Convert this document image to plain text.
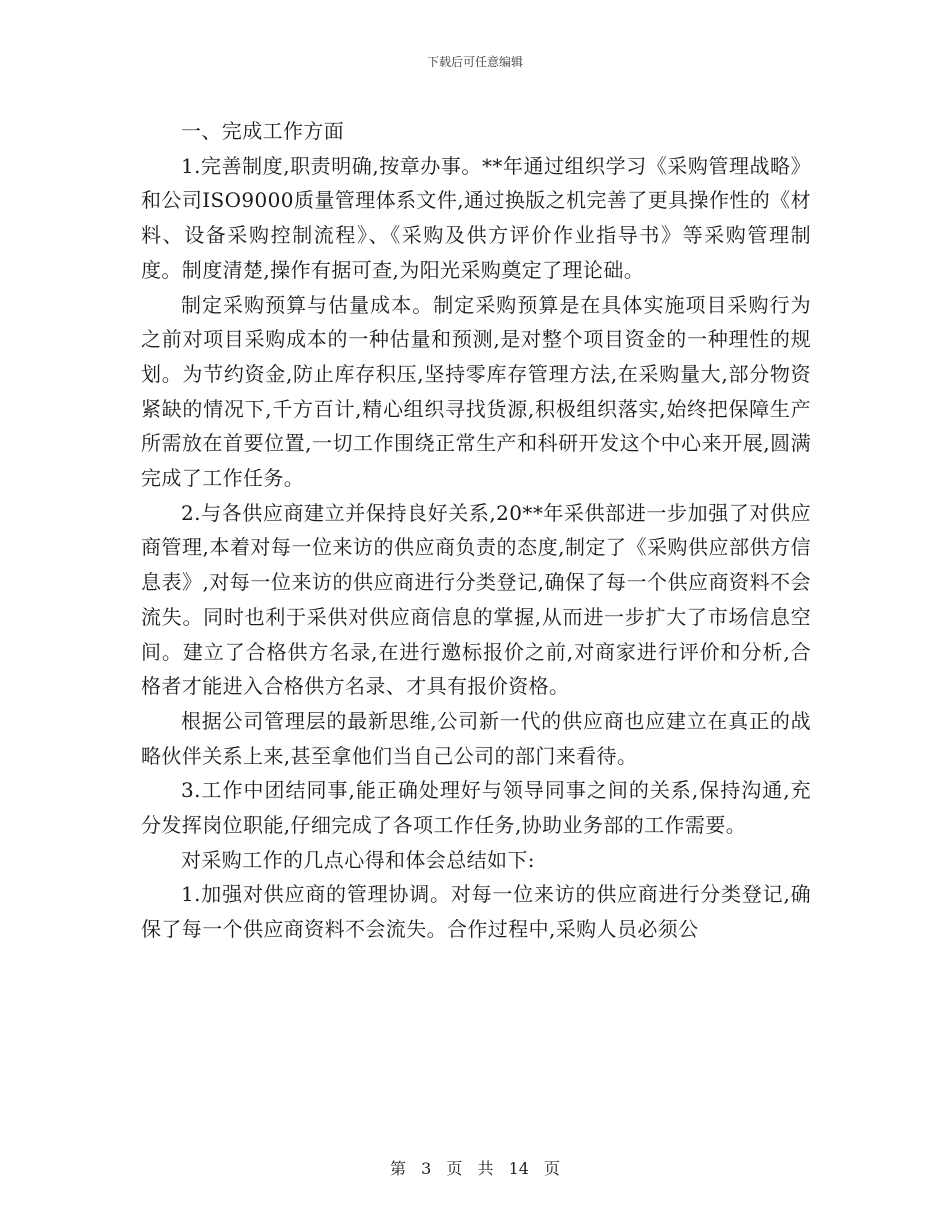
下载后可任意编辑

一、完成工作方面

1.完善制度,职责明确,按章办事。**年通过组织学习《采购管理战略》和公司ISO9000质量管理体系文件,通过换版之机完善了更具操作性的《材料、设备采购控制流程》、《采购及供方评价作业指导书》等采购管理制度。制度清楚,操作有据可查,为阳光采购奠定了理论础。

制定采购预算与估量成本。制定采购预算是在具体实施项目采购行为之前对项目采购成本的一种估量和预测,是对整个项目资金的一种理性的规划。为节约资金,防止库存积压,坚持零库存管理方法,在采购量大,部分物资紧缺的情况下,千方百计,精心组织寻找货源,积极组织落实,始终把保障生产所需放在首要位置,一切工作围绕正常生产和科研开发这个中心来开展,圆满完成了工作任务。

2.与各供应商建立并保持良好关系,20**年采供部进一步加强了对供应商管理,本着对每一位来访的供应商负责的态度,制定了《采购供应部供方信息表》,对每一位来访的供应商进行分类登记,确保了每一个供应商资料不会流失。同时也利于采供对供应商信息的掌握,从而进一步扩大了市场信息空间。建立了合格供方名录,在进行邀标报价之前,对商家进行评价和分析,合格者才能进入合格供方名录、才具有报价资格。

根据公司管理层的最新思维,公司新一代的供应商也应建立在真正的战略伙伴关系上来,甚至拿他们当自己公司的部门来看待。

3.工作中团结同事,能正确处理好与领导同事之间的关系,保持沟通,充分发挥岗位职能,仔细完成了各项工作任务,协助业务部的工作需要。

对采购工作的几点心得和体会总结如下:

1.加强对供应商的管理协调。对每一位来访的供应商进行分类登记,确保了每一个供应商资料不会流失。合作过程中,采购人员必须公

第 3 页 共 14 页
